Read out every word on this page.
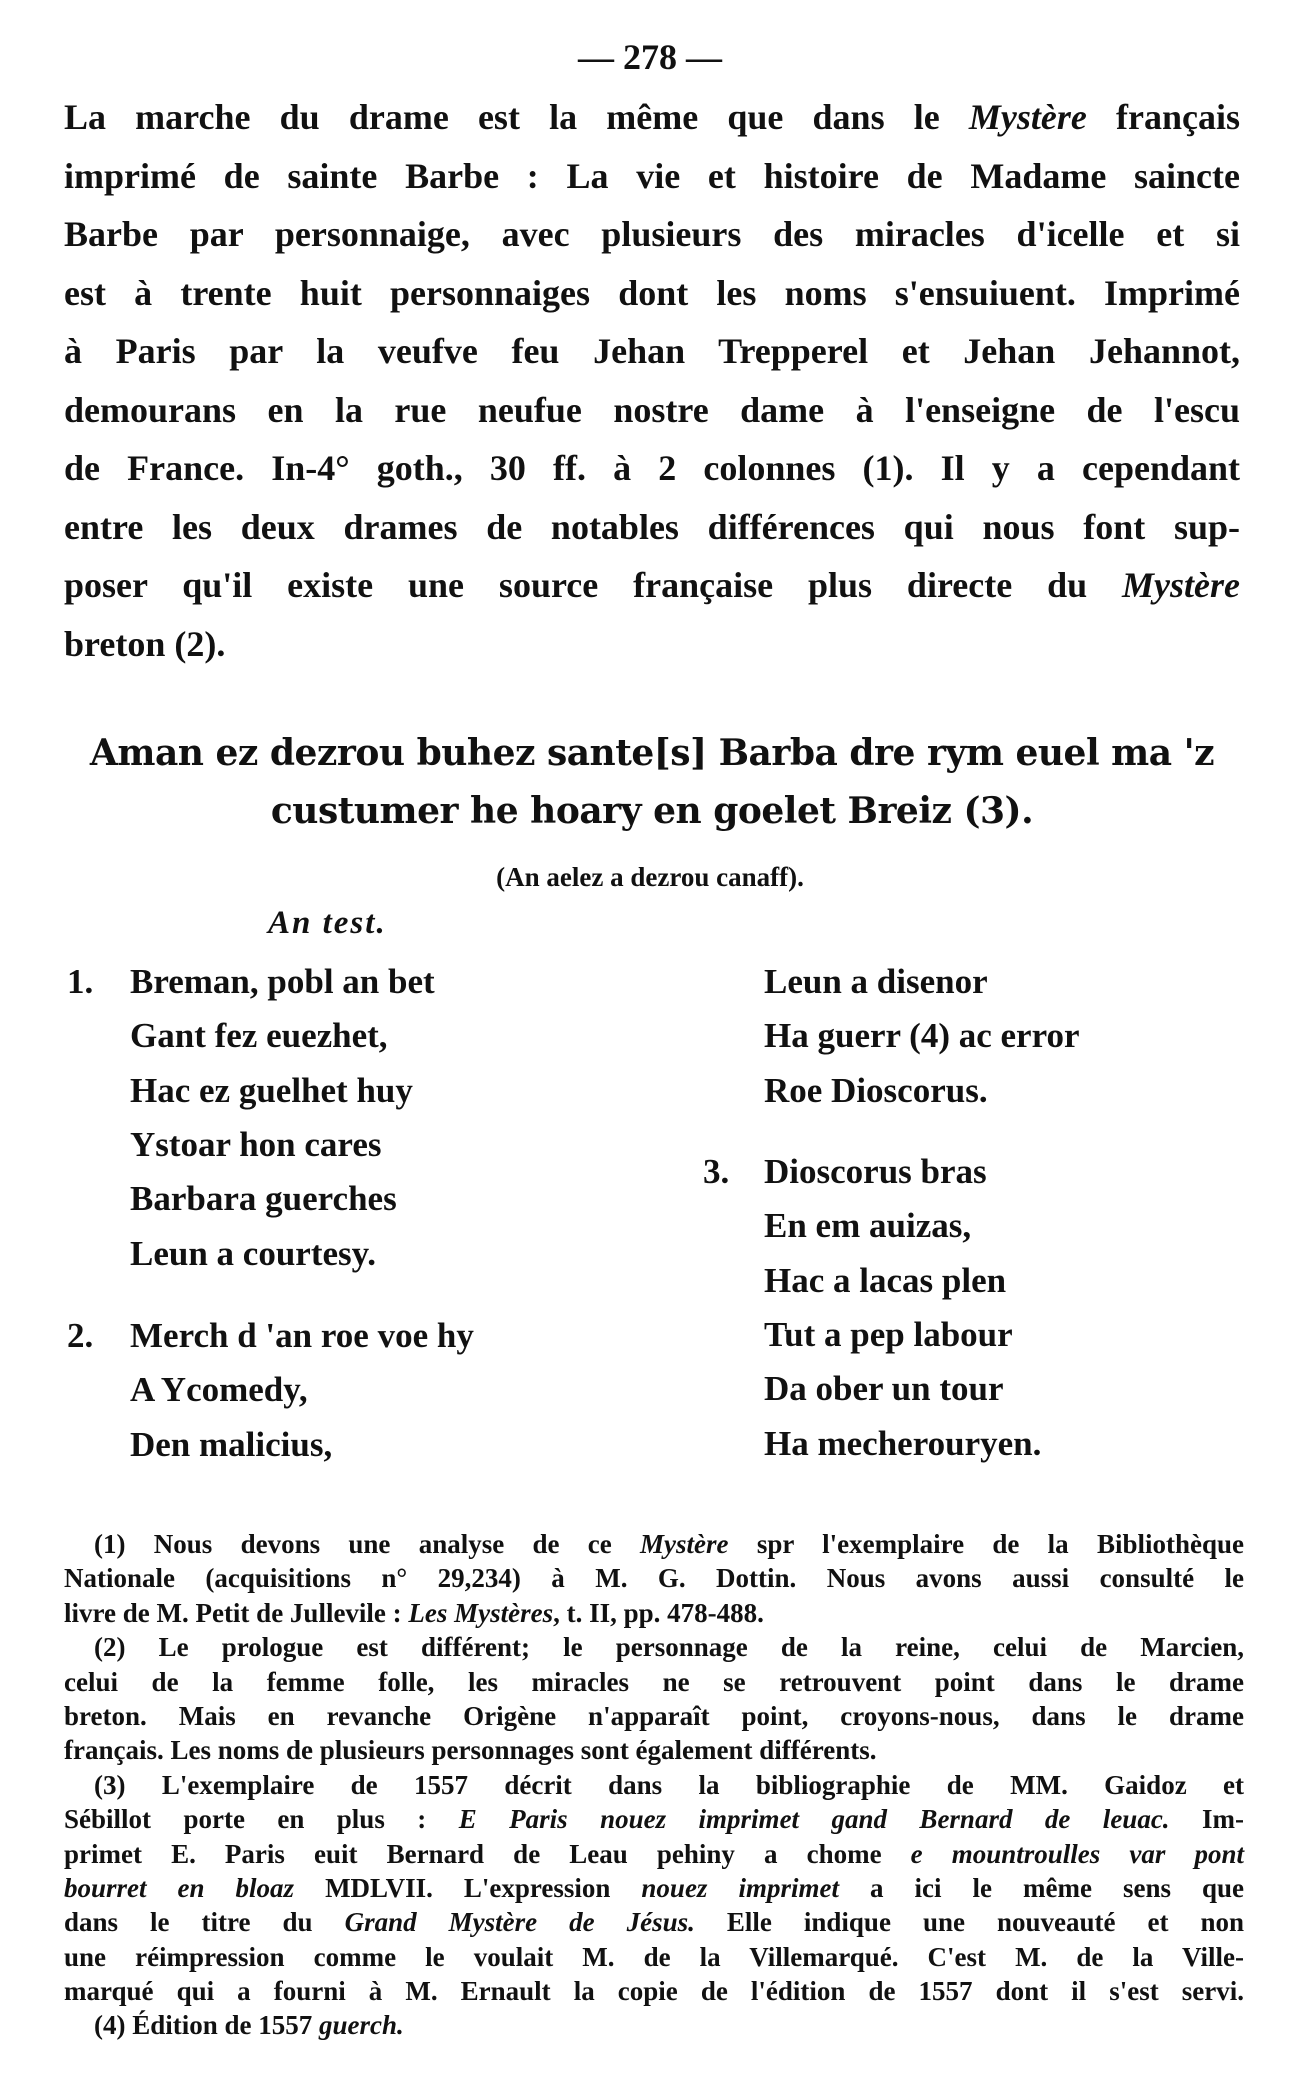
— 278 —
La marche du drame est la même que dans le Mystère français
imprimé de sainte Barbe : La vie et histoire de Madame saincte
Barbe par personnaige, avec plusieurs des miracles d'icelle et si
est à trente huit personnaiges dont les noms s'ensuiuent. Imprimé
à Paris par la veufve feu Jehan Trepperel et Jehan Jehannot,
demourans en la rue neufue nostre dame à l'enseigne de l'escu
de France. In-4° goth., 30 ff. à 2 colonnes (1). Il y a cependant
entre les deux drames de notables différences qui nous font sup-
poser qu'il existe une source française plus directe du Mystère
breton (2).
Aman ez dezrou buhez sante[s] Barba dre rym euel ma 'z
custumer he hoary en goelet Breiz (3).
(An aelez a dezrou canaff).
An test.
1.	Breman, pobl an bet
Gant fez euezhet,
Hac ez guelhet huy
Ystoar hon cares
Barbara guerches
Leun a courtesy.
2.	Merch d 'an roe voe hy
A Ycomedy,
Den malicius,
Leun a disenor
Ha guerr (4) ac error
Roe Dioscorus.
3. Dioscorus bras
En em auizas,
Hac a lacas plen
Tut a pep labour
Da ober un tour
Ha mecherouryen.
(1) Nous devons une analyse de ce Mystère spr l'exemplaire de la Bibliothèque
Nationale (acquisitions n° 29,234) à M. G. Dottin. Nous avons aussi consulté le
livre de M. Petit de Jullevile : Les Mystères, t. II, pp. 478-488.
(2) Le prologue est différent; le personnage de la reine, celui de Marcien,
celui de la femme folle, les miracles ne se retrouvent point dans le drame
breton. Mais en revanche Origène n'apparaît point, croyons-nous, dans le drame
français. Les noms de plusieurs personnages sont également différents.
(3) L'exemplaire de 1557 décrit dans la bibliographie de MM. Gaidoz et
Sébillot porte en plus : E Paris nouez imprimet gand Bernard de leuac. Im-
primet E. Paris euit Bernard de Leau pehiny a chome e mountroulles var pont
bourret en bloaz MDLVII. L'expression nouez imprimet a ici le même sens que
dans le titre du Grand Mystère de Jésus. Elle indique une nouveauté et non
une réimpression comme le voulait M. de la Villemarqué. C'est M. de la Ville-
marqué qui a fourni à M. Ernault la copie de l'édition de 1557 dont il s'est servi.
(4) Édition de 1557 guerch.
